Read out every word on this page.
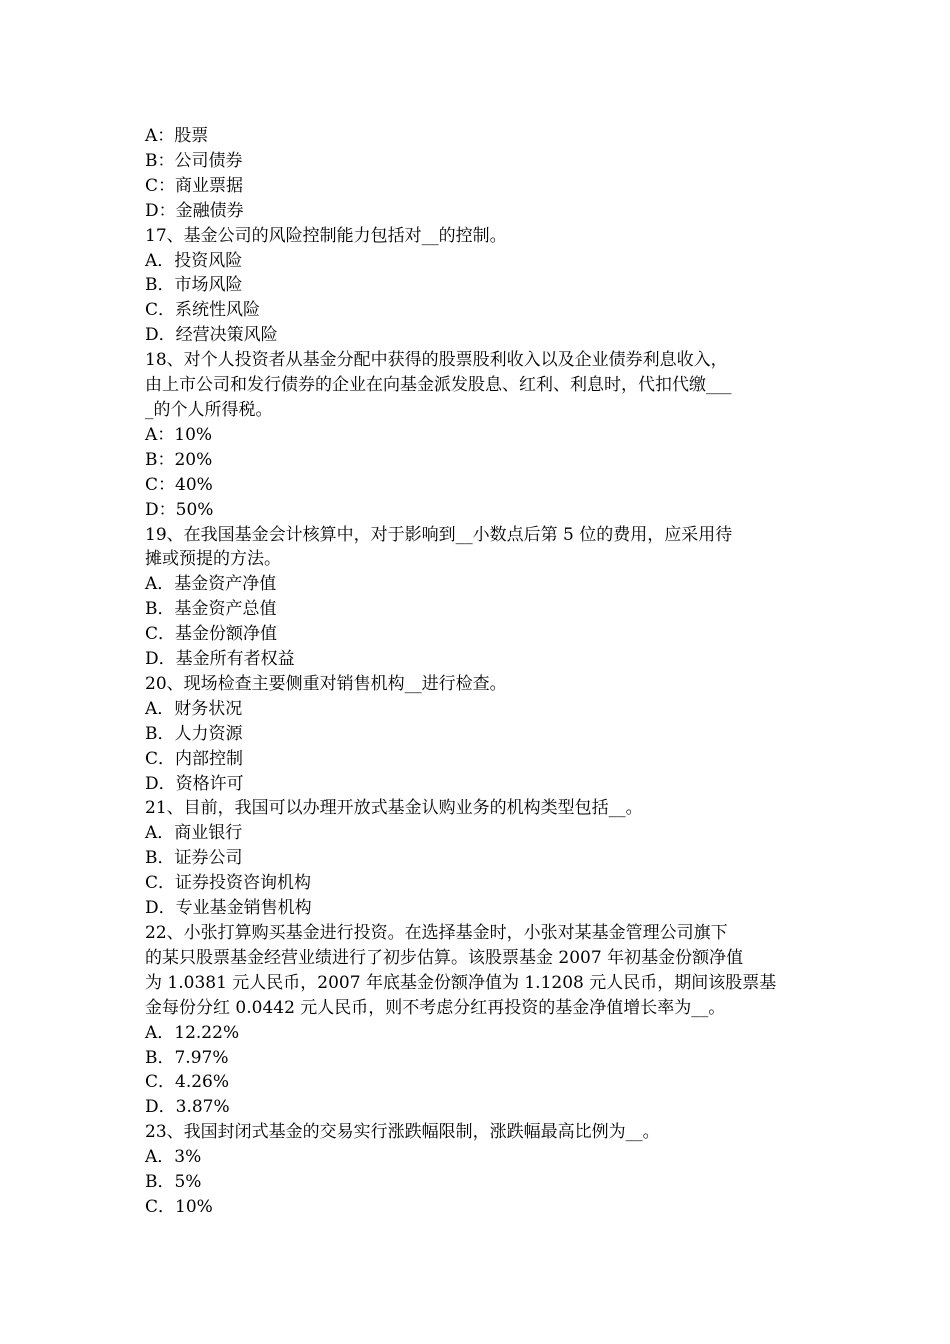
A：股票
B：公司债券
C：商业票据
D：金融债券
17、基金公司的风险控制能力包括对__的控制。
A．投资风险
B．市场风险
C．系统性风险
D．经营决策风险
18、对个人投资者从基金分配中获得的股票股利收入以及企业债券利息收入，
由上市公司和发行债券的企业在向基金派发股息、红利、利息时，代扣代缴___
_的个人所得税。
A：10%
B：20%
C：40%
D：50%
19、在我国基金会计核算中，对于影响到__小数点后第 5 位的费用，应采用待
摊或预提的方法。
A．基金资产净值
B．基金资产总值
C．基金份额净值
D．基金所有者权益
20、现场检查主要侧重对销售机构__进行检查。
A．财务状况
B．人力资源
C．内部控制
D．资格许可
21、目前，我国可以办理开放式基金认购业务的机构类型包括__。
A．商业银行
B．证券公司
C．证券投资咨询机构
D．专业基金销售机构
22、小张打算购买基金进行投资。在选择基金时，小张对某基金管理公司旗下
的某只股票基金经营业绩进行了初步估算。该股票基金 2007 年初基金份额净值
为 1.0381 元人民币，2007 年底基金份额净值为 1.1208 元人民币，期间该股票基
金每份分红 0.0442 元人民币，则不考虑分红再投资的基金净值增长率为__。
A．12.22%
B．7.97%
C．4.26%
D．3.87%
23、我国封闭式基金的交易实行涨跌幅限制，涨跌幅最高比例为__。
A．3%
B．5%
C．10%
